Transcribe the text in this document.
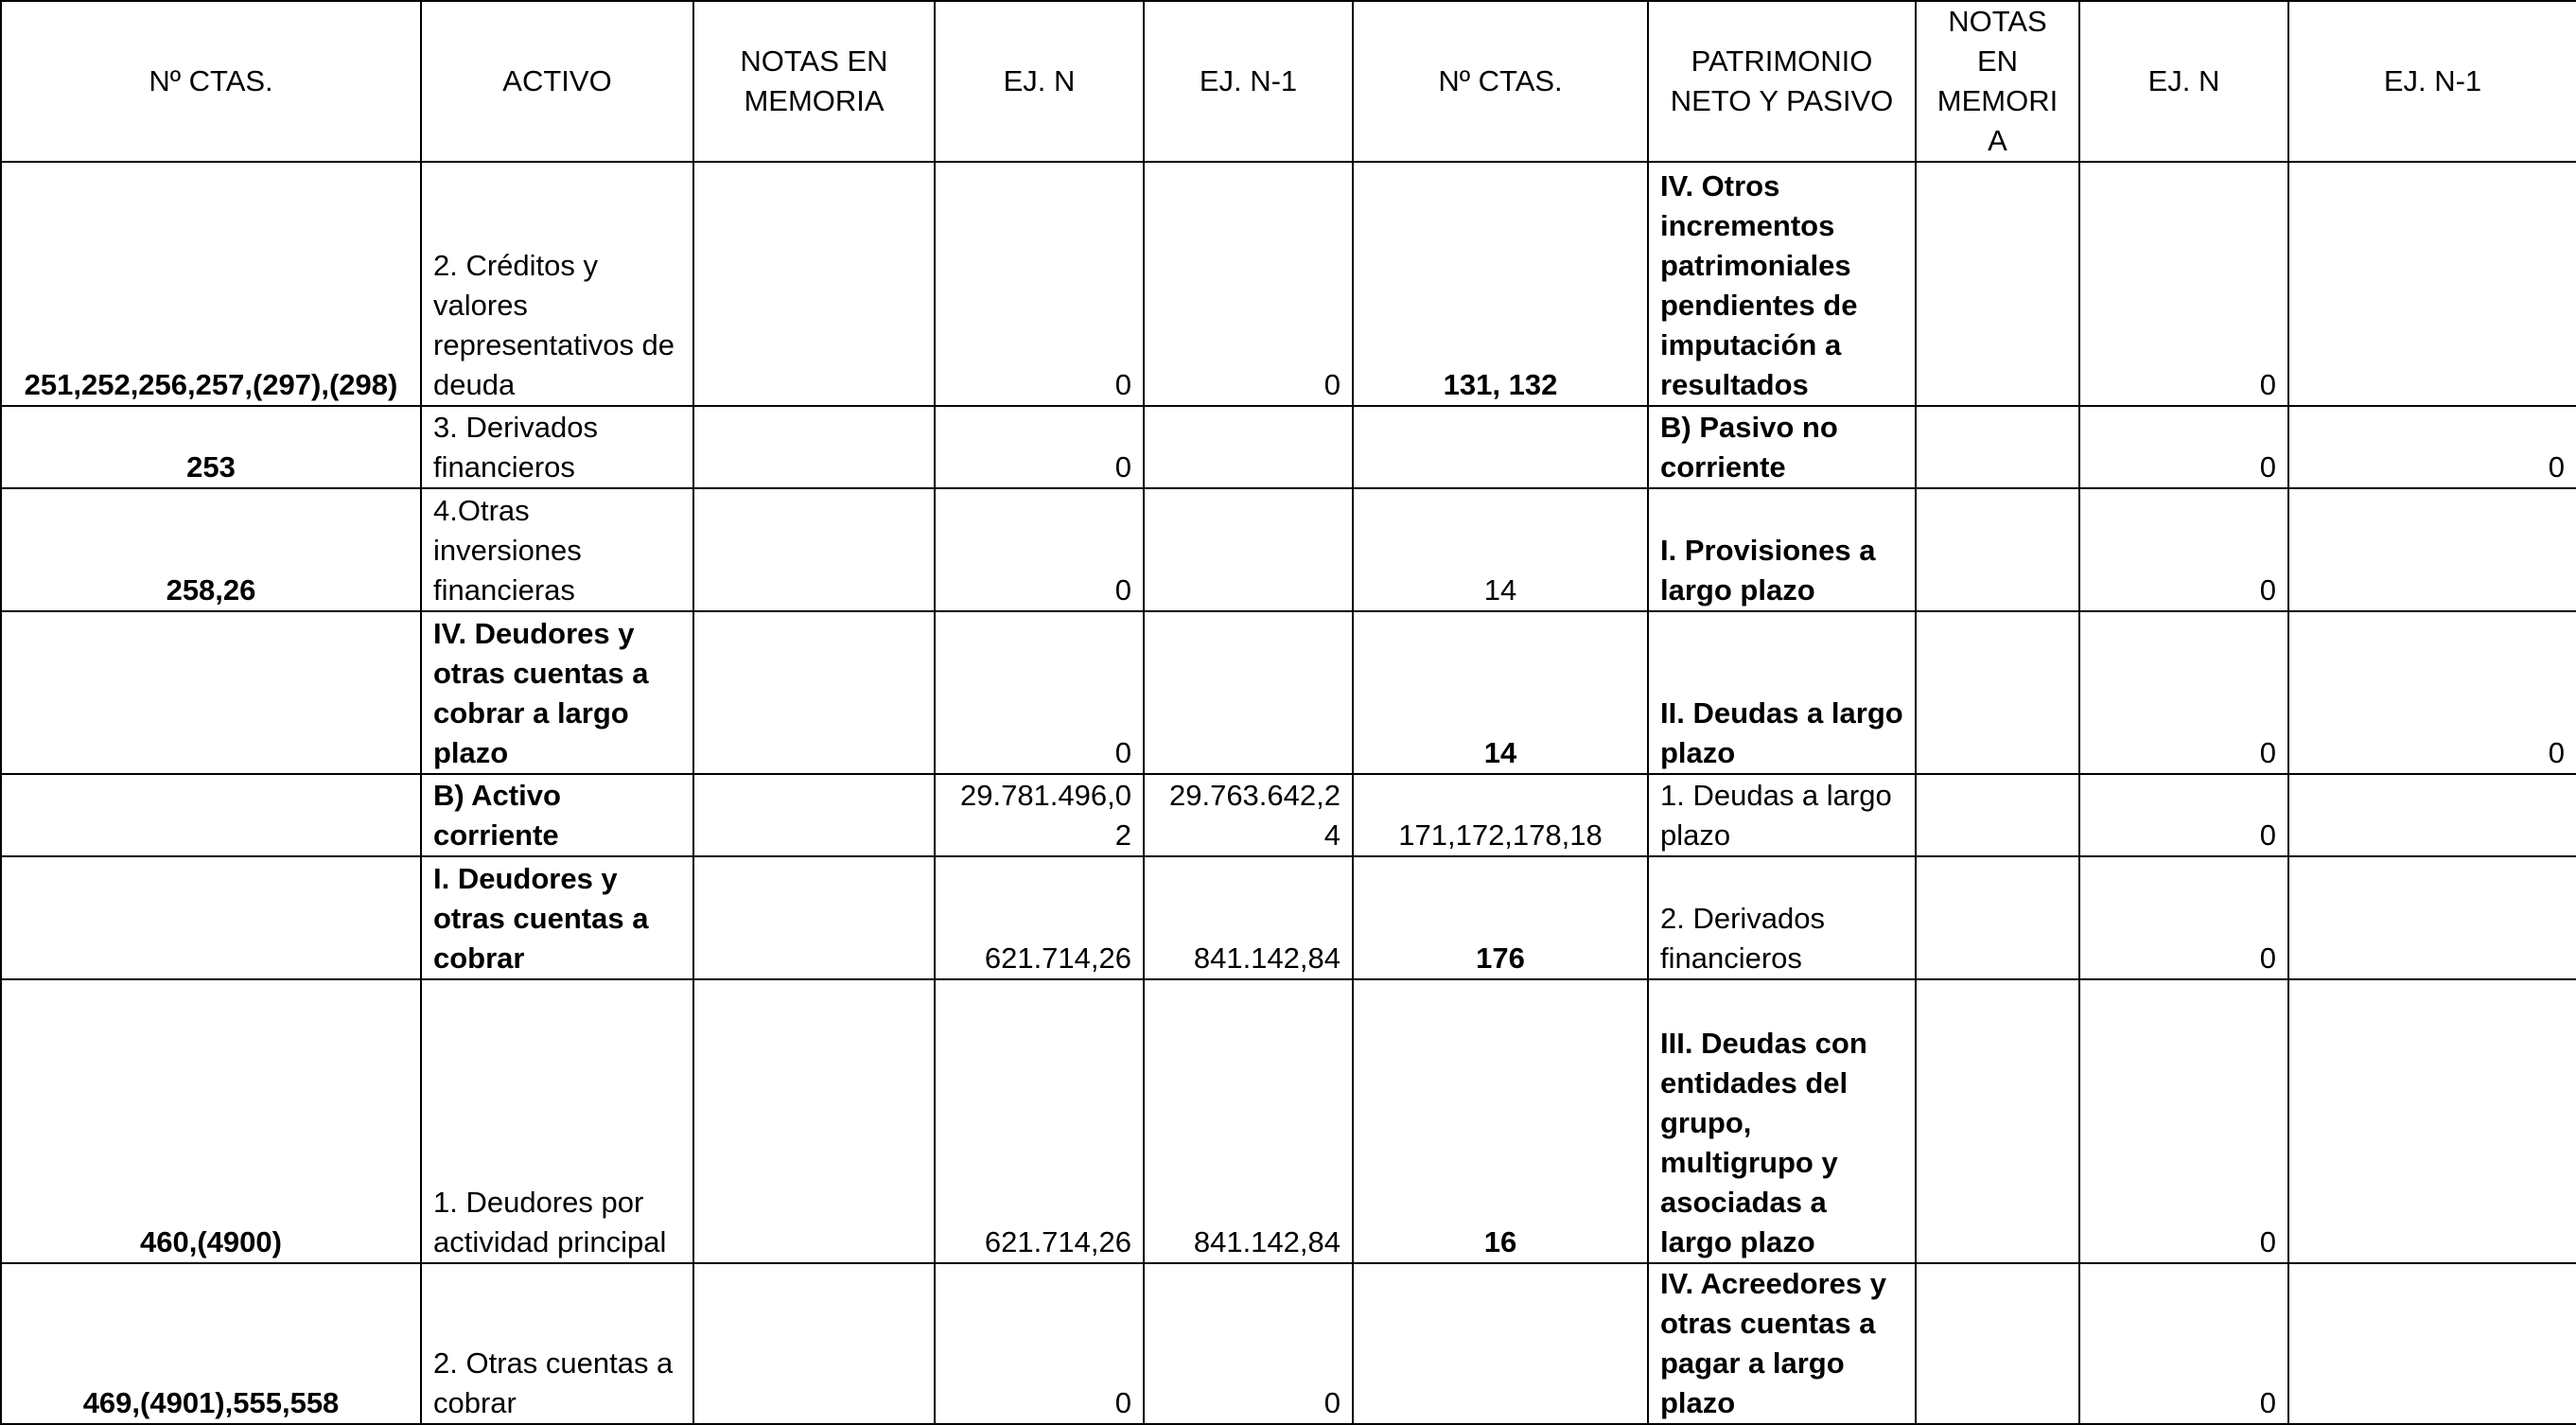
Nº CTAS.	ACTIVO	NOTAS EN MEMORIA	EJ. N	EJ. N-1	Nº CTAS.	PATRIMONIO NETO Y PASIVO	NOTAS EN MEMORIA	EJ. N	EJ. N-1
251,252,256,257,(297),(298)	2. Créditos y valores representativos de deuda		0	0	131, 132	IV. Otros incrementos patrimoniales pendientes de imputación a resultados		0	
253	3. Derivados financieros		0			B) Pasivo no corriente		0	0
258,26	4.Otras inversiones financieras		0		14	I. Provisiones a largo plazo		0	
	IV. Deudores y otras cuentas a cobrar a largo plazo		0		14	II. Deudas a largo plazo		0	0
	B) Activo corriente		29.781.496,02	29.763.642,24	171,172,178,18	1. Deudas a largo plazo		0	
	I. Deudores y otras cuentas a cobrar		621.714,26	841.142,84	176	2. Derivados financieros		0	
460,(4900)	1. Deudores por actividad principal		621.714,26	841.142,84	16	III. Deudas con entidades del grupo, multigrupo y asociadas a largo plazo		0	
469,(4901),555,558	2. Otras cuentas a cobrar		0	0		IV. Acreedores y otras cuentas a pagar a largo plazo		0	
